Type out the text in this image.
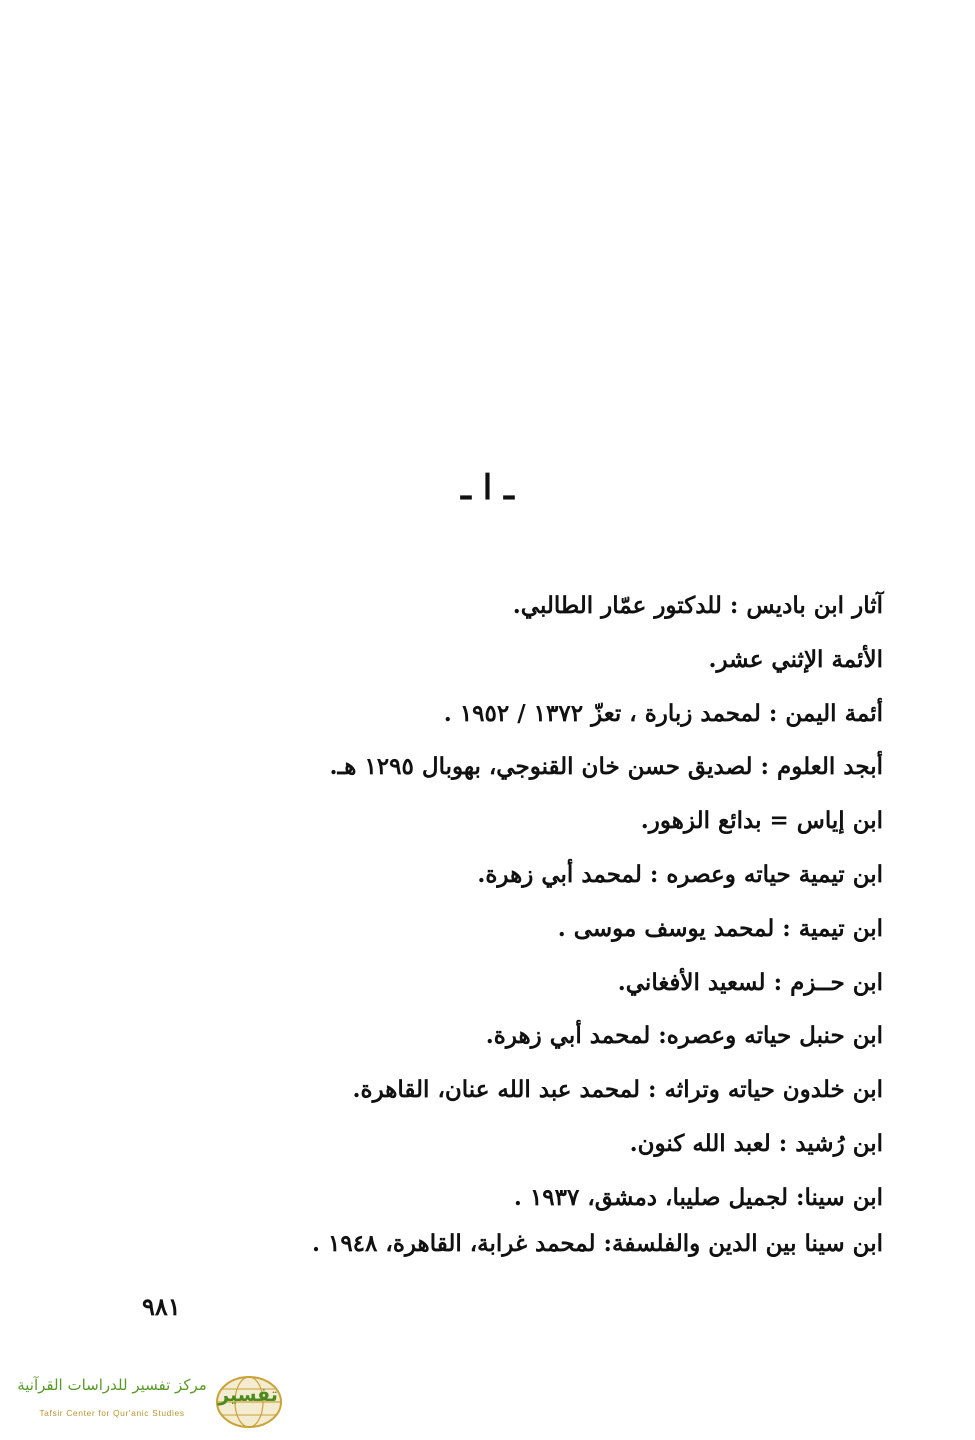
ـ ا ـ
آثار ابن باديس : للدكتور عمّار الطالبي.
الأئمة الإثني عشر.
أئمة اليمن : لمحمد زبارة ، تعزّ ١٣٧٢ / ١٩٥٢ .
أبجد العلوم : لصديق حسن خان القنوجي، بهوبال ١٢٩٥ هـ.
ابن إياس = بدائع الزهور.
ابن تيمية حياته وعصره : لمحمد أبي زهرة.
ابن تيمية : لمحمد يوسف موسى .
ابن حــزم : لسعيد الأفغاني.
ابن حنبل حياته وعصره: لمحمد أبي زهرة.
ابن خلدون حياته وتراثه : لمحمد عبد الله عنان، القاهرة.
ابن رُشيد : لعبد الله كنون.
ابن سينا: لجميل صليبا، دمشق، ١٩٣٧ .
ابن سينا بين الدين والفلسفة: لمحمد غرابة، القاهرة، ١٩٤٨ .
٩٨١
تفسير
مركز تفسير للدراسات القرآنية
Tafsir Center for Qur'anic Studies
